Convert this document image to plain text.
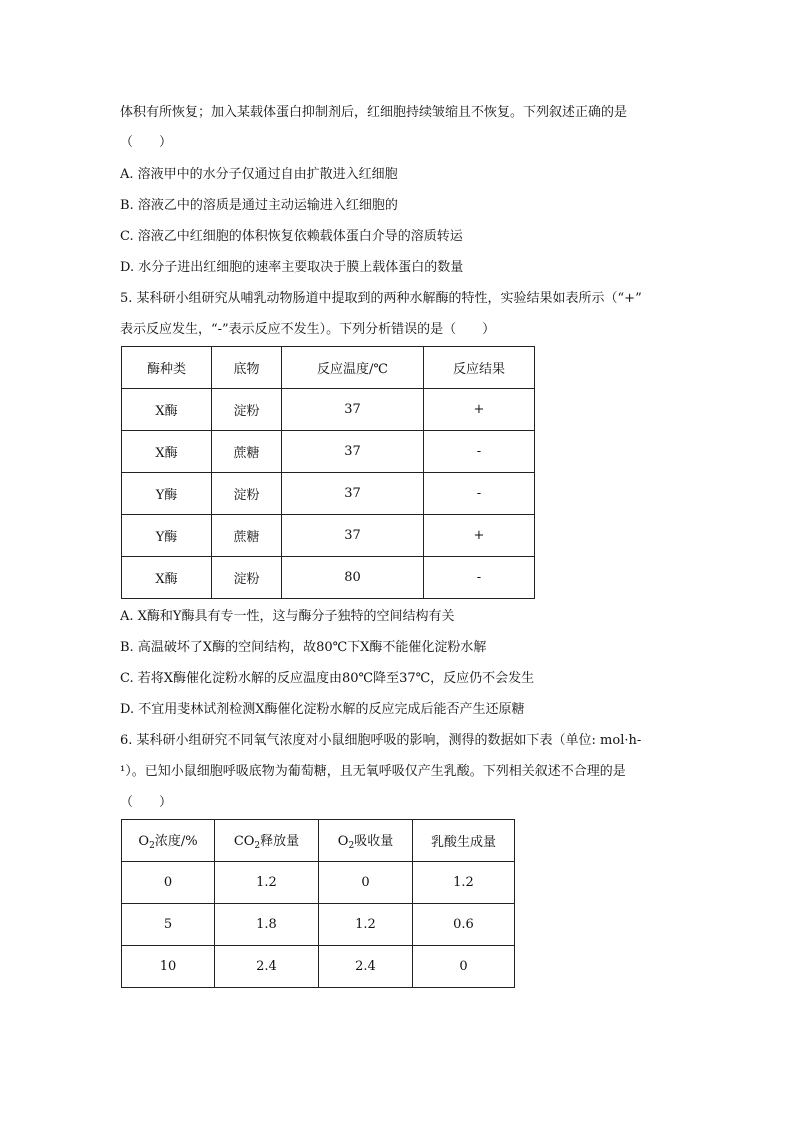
体积有所恢复；加入某载体蛋白抑制剂后，红细胞持续皱缩且不恢复。下列叙述正确的是
（　　）
A. 溶液甲中的水分子仅通过自由扩散进入红细胞
B. 溶液乙中的溶质是通过主动运输进入红细胞的
C. 溶液乙中红细胞的体积恢复依赖载体蛋白介导的溶质转运
D. 水分子进出红细胞的速率主要取决于膜上载体蛋白的数量
5. 某科研小组研究从哺乳动物肠道中提取到的两种水解酶的特性，实验结果如表所示（“+”
表示反应发生，“-”表示反应不发生）。下列分析错误的是（　　）
酶种类	底物	反应温度/℃	反应结果
X酶	淀粉	37	+
X酶	蔗糖	37	-
Y酶	淀粉	37	-
Y酶	蔗糖	37	+
X酶	淀粉	80	-
A. X酶和Y酶具有专一性，这与酶分子独特的空间结构有关
B. 高温破坏了X酶的空间结构，故80℃下X酶不能催化淀粉水解
C. 若将X酶催化淀粉水解的反应温度由80℃降至37℃，反应仍不会发生
D. 不宜用斐林试剂检测X酶催化淀粉水解的反应完成后能否产生还原糖
6. 某科研小组研究不同氧气浓度对小鼠细胞呼吸的影响，测得的数据如下表（单位: mol·h-
¹）。已知小鼠细胞呼吸底物为葡萄糖，且无氧呼吸仅产生乳酸。下列相关叙述不合理的是
（　　）
$O_2$浓度/%	$CO_2$释放量	$O_2$吸收量	乳酸生成量
0	1.2	0	1.2
5	1.8	1.2	0.6
10	2.4	2.4	0
